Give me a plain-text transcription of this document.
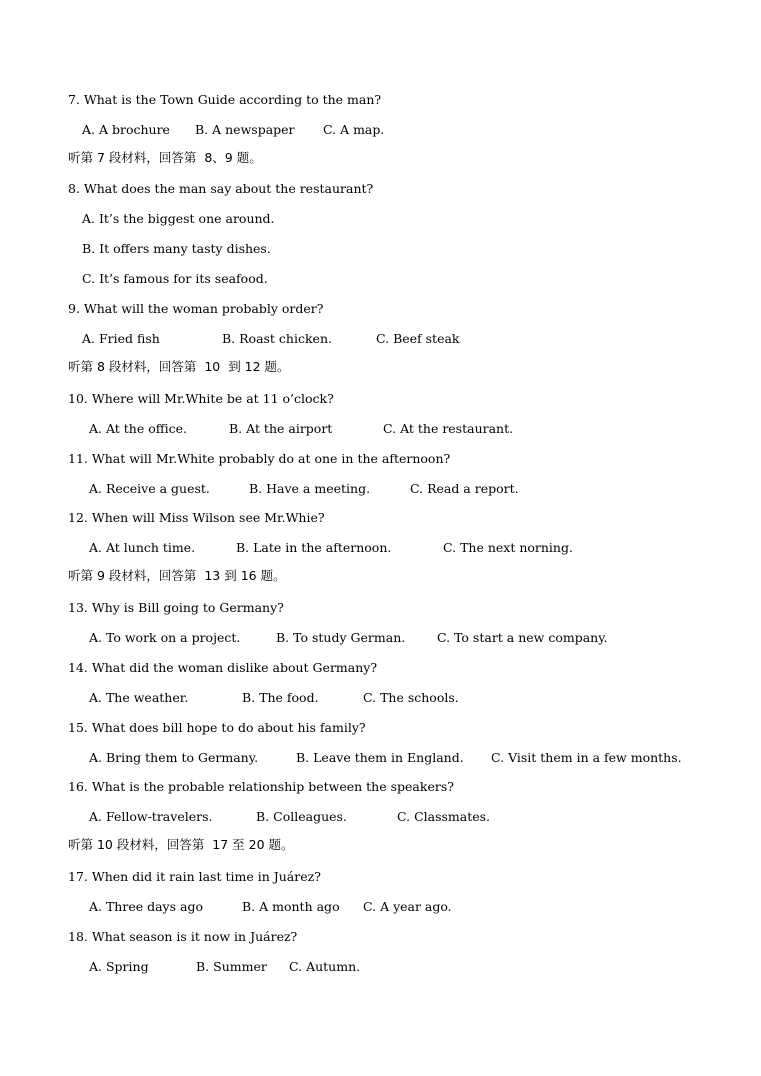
7. What is the Town Guide according to the man?
A. A brochure B. A newspaper C. A map.
听第 7 段材料，回答第  8、9 题。
8. What does the man say about the restaurant?
A. It’s the biggest one around.
B. It offers many tasty dishes.
C. It’s famous for its seafood.
9. What will the woman probably order?
A. Fried fish	B. Roast chicken.	C. Beef steak
听第 8 段材料，回答第  10  到 12 题。
10. Where will Mr.White be at 11 o’clock?
A. At the office.	B. At the airport	C. At the restaurant.
11. What will Mr.White probably do at one in the afternoon?
A. Receive a guest.	B. Have a meeting.	C. Read a report.
12. When will Miss Wilson see Mr.Whie?
A. At lunch time.	B. Late in the afternoon.	C. The next norning.
听第 9 段材料，回答第  13 到 16 题。
13. Why is Bill going to Germany?
A. To work on a project.	B. To study German.	C. To start a new company.
14. What did the woman dislike about Germany?
A. The weather.	B. The food.	C. The schools.
15. What does bill hope to do about his family?
A. Bring them to Germany.	B. Leave them in England. C. Visit them in a few months.
16. What is the probable relationship between the speakers?
A. Fellow-travelers.	B. Colleagues.	C. Classmates.
听第 10 段材料，回答第  17 至 20 题。
17. When did it rain last time in Juárez?
A. Three days ago	B. A month ago C. A year ago.
18. What season is it now in Juárez?
A. Spring	B. Summer C. Autumn.
